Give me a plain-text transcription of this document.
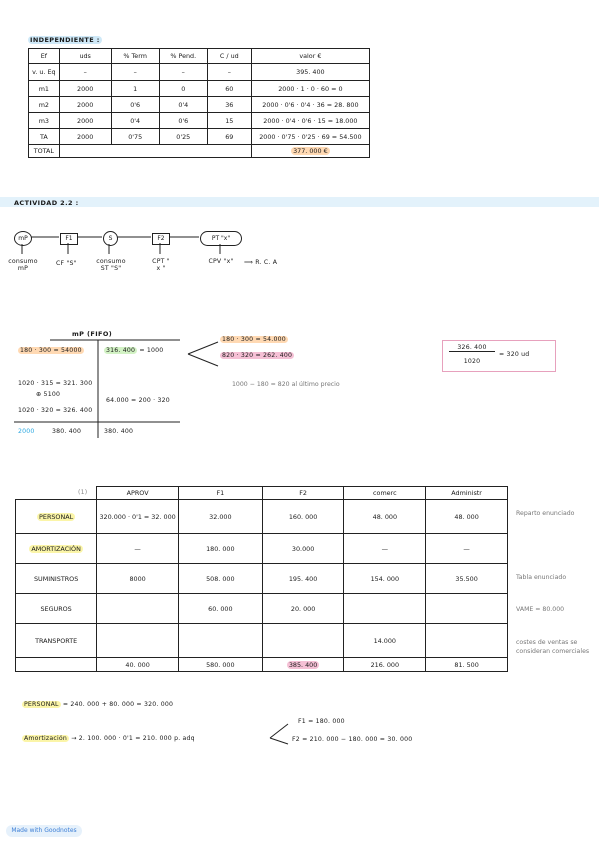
INDEPENDIENTE :
Ef	uds	% Term	% Pend.	C / ud	valor €
v. u. Eq	–	–	–	–	395. 400
m1	2000	1	0	60	2000 · 1 · 0 · 60 = 0
m2	2000	0'6	0'4	36	2000 · 0'6 · 0'4 · 36 = 28. 800
m3	2000	0'4	0'6	15	2000 · 0'4 · 0'6 · 15 = 18.000
TA	2000	0'75	0'25	69	2000 · 0'75 · 0'25 · 69 = 54.500
TOTAL					377. 000 €
ACTIVIDAD 2.2 :
mP	F1	S	F2	PT "x"
consumo mP
CF "S"	consumo ST "S"
CPT " x "
CPV "x" ⟹ R. C. A
mP (FIFO)
180 · 300 = 54000	316. 400 = 1000
1020 · 315 = 321. 300
⊕ 5100
1020 · 320 = 326. 400
64.000 = 200 · 320
2000	380. 400	380. 400
180 · 300 = 54.000
820 · 320 = 262. 400
1000 − 180 = 820 al último precio
326. 400
1020
= 320 ud
(1)
		APROV	F1	F2	comerc	Administr
PERSONAL	320.000 · 0'1 = 32. 000	32.000	160. 000	48. 000	48. 000
AMORTIZACIÓN	—	180. 000	30.000	—	—
SUMINISTROS	8000	508. 000	195. 400	154. 000	35.500
SEGUROS		60. 000	20. 000		
TRANSPORTE				14.000	
	40. 000	580. 000	385. 400	216. 000	81. 500
Reparto enunciado
Tabla enunciado
VAME = 80.000
costes de ventas se consideran comerciales
PERSONAL = 240. 000 + 80. 000 = 320. 000
Amortización → 2. 100. 000 · 0'1 = 210. 000 p. adq
F1 = 180. 000
F2 = 210. 000 − 180. 000 = 30. 000
Made with Goodnotes
